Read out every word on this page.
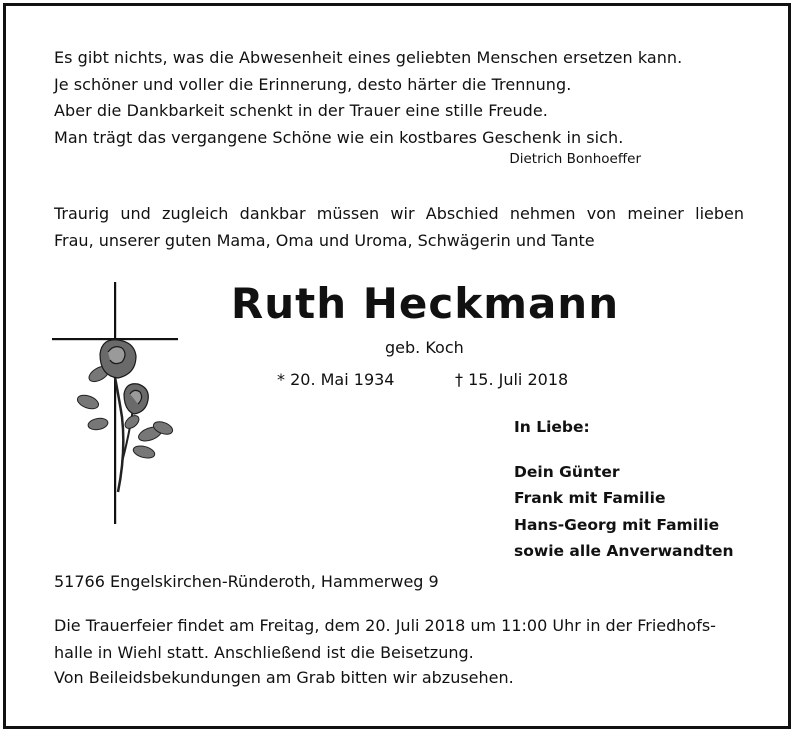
Es gibt nichts, was die Abwesenheit eines geliebten Menschen ersetzen kann.
Je schöner und voller die Erinnerung, desto härter die Trennung.
Aber die Dankbarkeit schenkt in der Trauer eine stille Freude.
Man trägt das vergangene Schöne wie ein kostbares Geschenk in sich.
Dietrich Bonhoeffer
Traurig und zugleich dankbar müssen wir Abschied nehmen von meiner lieben
Frau, unserer guten Mama, Oma und Uroma, Schwägerin und Tante
Ruth Heckmann
geb. Koch
* 20. Mai 1934	† 15. Juli 2018
In Liebe:
Dein Günter
Frank mit Familie
Hans-Georg mit Familie
sowie alle Anverwandten
51766 Engelskirchen-Ründeroth, Hammerweg 9
Die Trauerfeier findet am Freitag, dem 20. Juli 2018 um 11:00 Uhr in der Friedhofs-
halle in Wiehl statt. Anschließend ist die Beisetzung.
Von Beileidsbekundungen am Grab bitten wir abzusehen.
